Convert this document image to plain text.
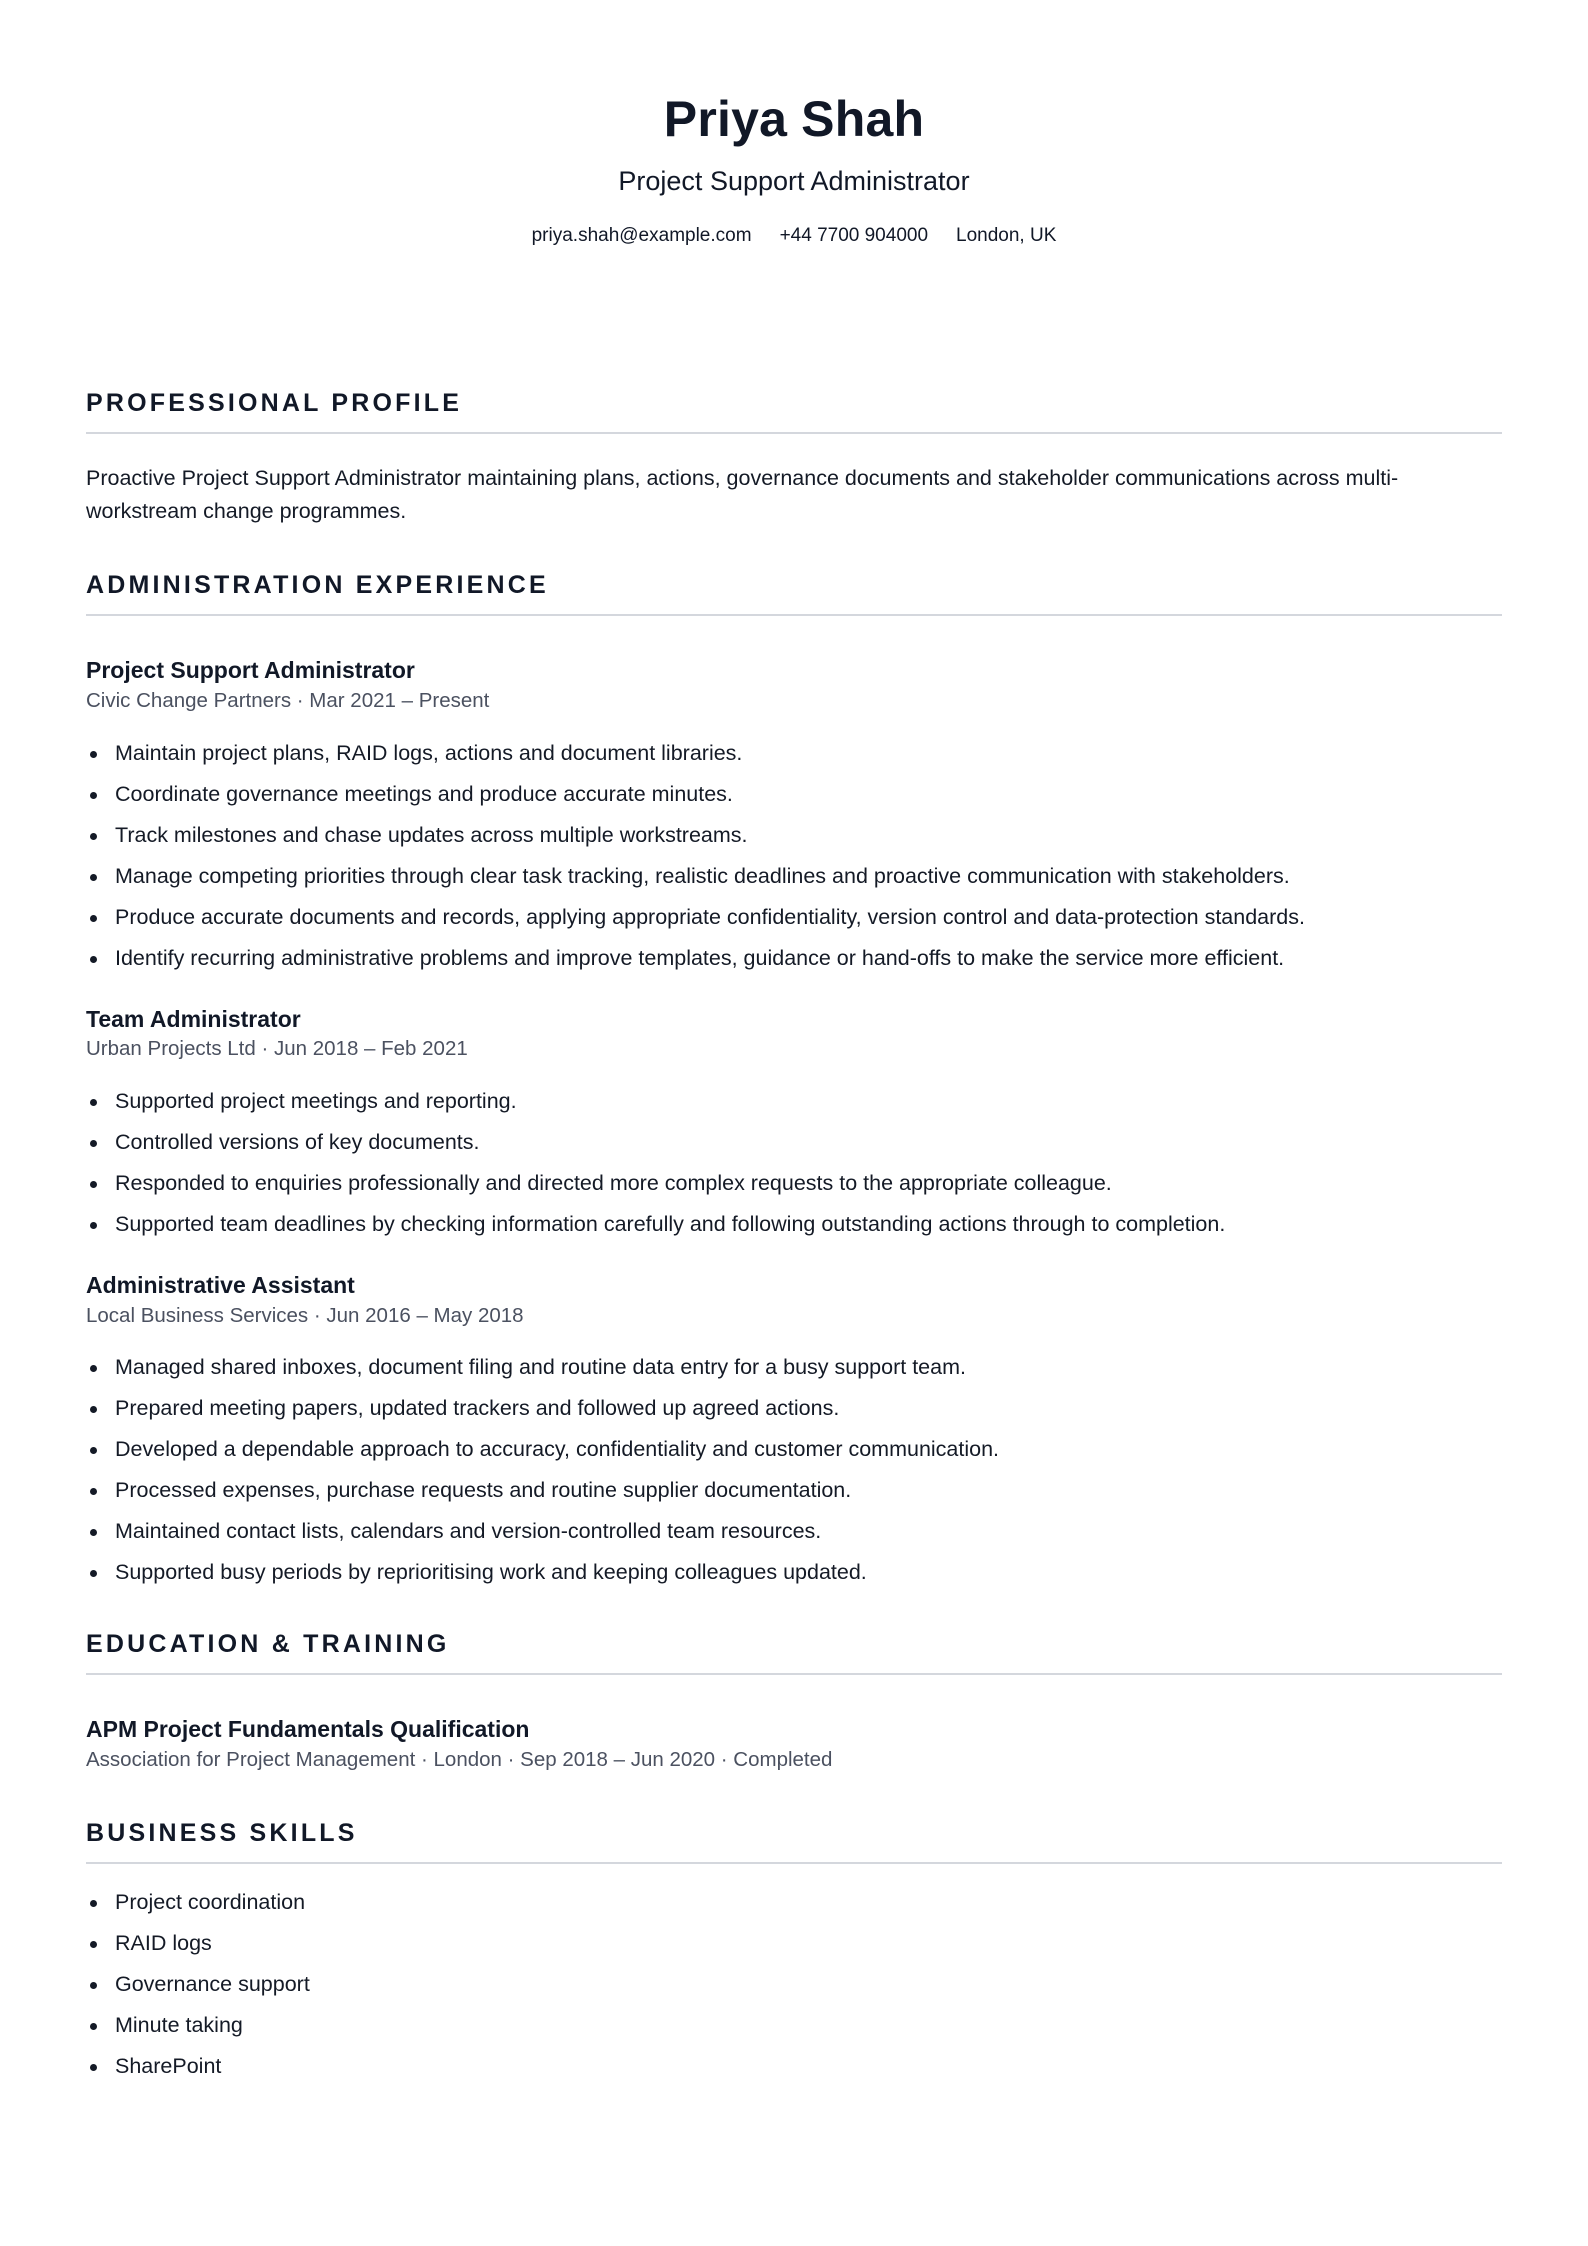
Priya Shah
Project Support Administrator
priya.shah@example.com +44 7700 904000 London, UK
PROFESSIONAL PROFILE

Proactive Project Support Administrator maintaining plans, actions, governance documents and stakeholder communications across multi-workstream change programmes.

ADMINISTRATION EXPERIENCE
Project Support Administrator
Civic Change Partners · Mar 2021 – Present
Maintain project plans, RAID logs, actions and document libraries.
Coordinate governance meetings and produce accurate minutes.
Track milestones and chase updates across multiple workstreams.
Manage competing priorities through clear task tracking, realistic deadlines and proactive communication with stakeholders.
Produce accurate documents and records, applying appropriate confidentiality, version control and data-protection standards.
Identify recurring administrative problems and improve templates, guidance or hand-offs to make the service more efficient.
Team Administrator
Urban Projects Ltd · Jun 2018 – Feb 2021
Supported project meetings and reporting.
Controlled versions of key documents.
Responded to enquiries professionally and directed more complex requests to the appropriate colleague.
Supported team deadlines by checking information carefully and following outstanding actions through to completion.
Administrative Assistant
Local Business Services · Jun 2016 – May 2018
Managed shared inboxes, document filing and routine data entry for a busy support team.
Prepared meeting papers, updated trackers and followed up agreed actions.
Developed a dependable approach to accuracy, confidentiality and customer communication.
Processed expenses, purchase requests and routine supplier documentation.
Maintained contact lists, calendars and version-controlled team resources.
Supported busy periods by reprioritising work and keeping colleagues updated.
EDUCATION & TRAINING
APM Project Fundamentals Qualification
Association for Project Management · London · Sep 2018 – Jun 2020 · Completed
BUSINESS SKILLS
Project coordination
RAID logs
Governance support
Minute taking
SharePoint
